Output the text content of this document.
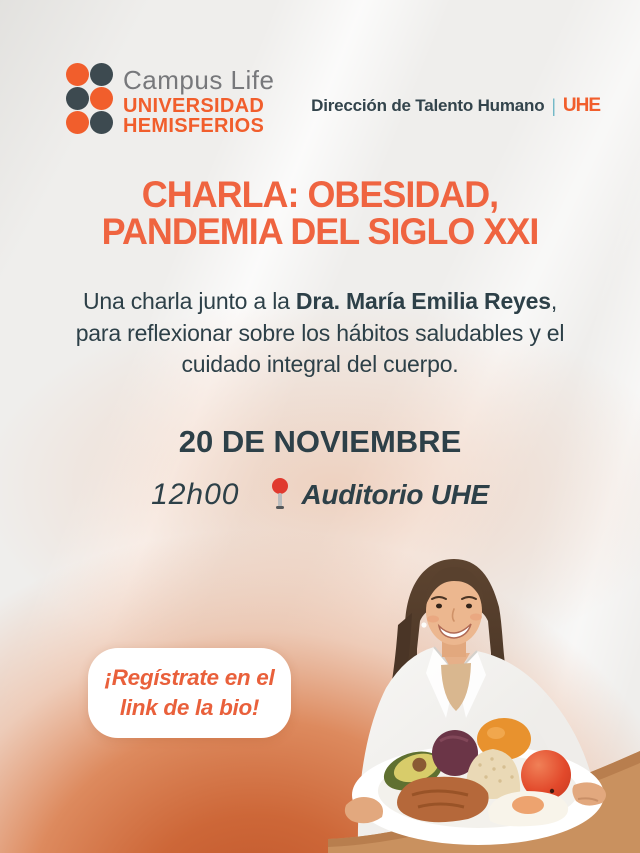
Campus Life
UNIVERSIDAD
HEMISFERIOS
Dirección de Talento Humano | UHE
CHARLA: OBESIDAD,
PANDEMIA DEL SIGLO XXI
Una charla junto a la Dra. María Emilia Reyes, para reflexionar sobre los hábitos saludables y el cuidado integral del cuerpo.
20 DE NOVIEMBRE
12h00 Auditorio UHE
¡Regístrate en el
link de la bio!
